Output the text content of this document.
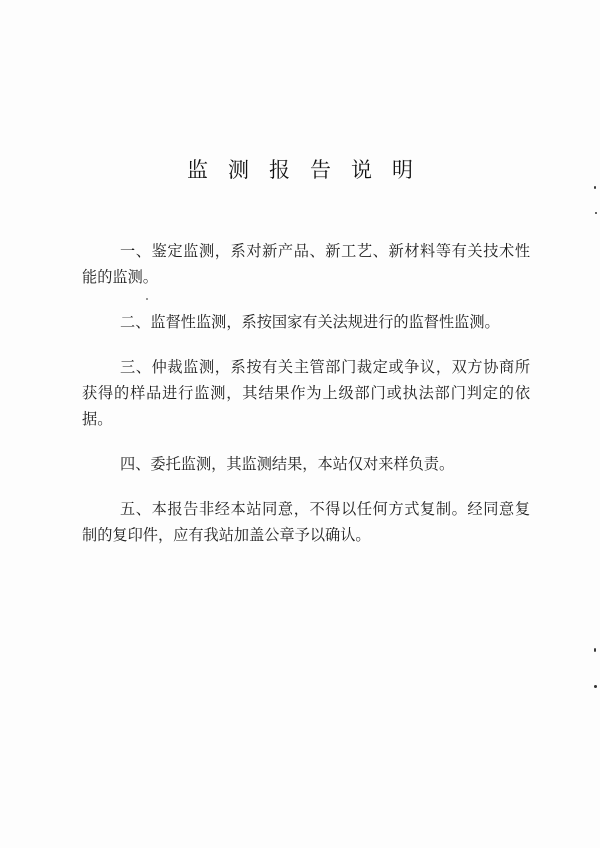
监测报告说明

一、鉴定监测，系对新产品、新工艺、新材料等有关技术性能的监测。

二、监督性监测，系按国家有关法规进行的监督性监测。

三、仲裁监测，系按有关主管部门裁定或争议，双方协商所获得的样品进行监测，其结果作为上级部门或执法部门判定的依据。

四、委托监测，其监测结果，本站仅对来样负责。

五、本报告非经本站同意，不得以任何方式复制。经同意复制的复印件，应有我站加盖公章予以确认。
